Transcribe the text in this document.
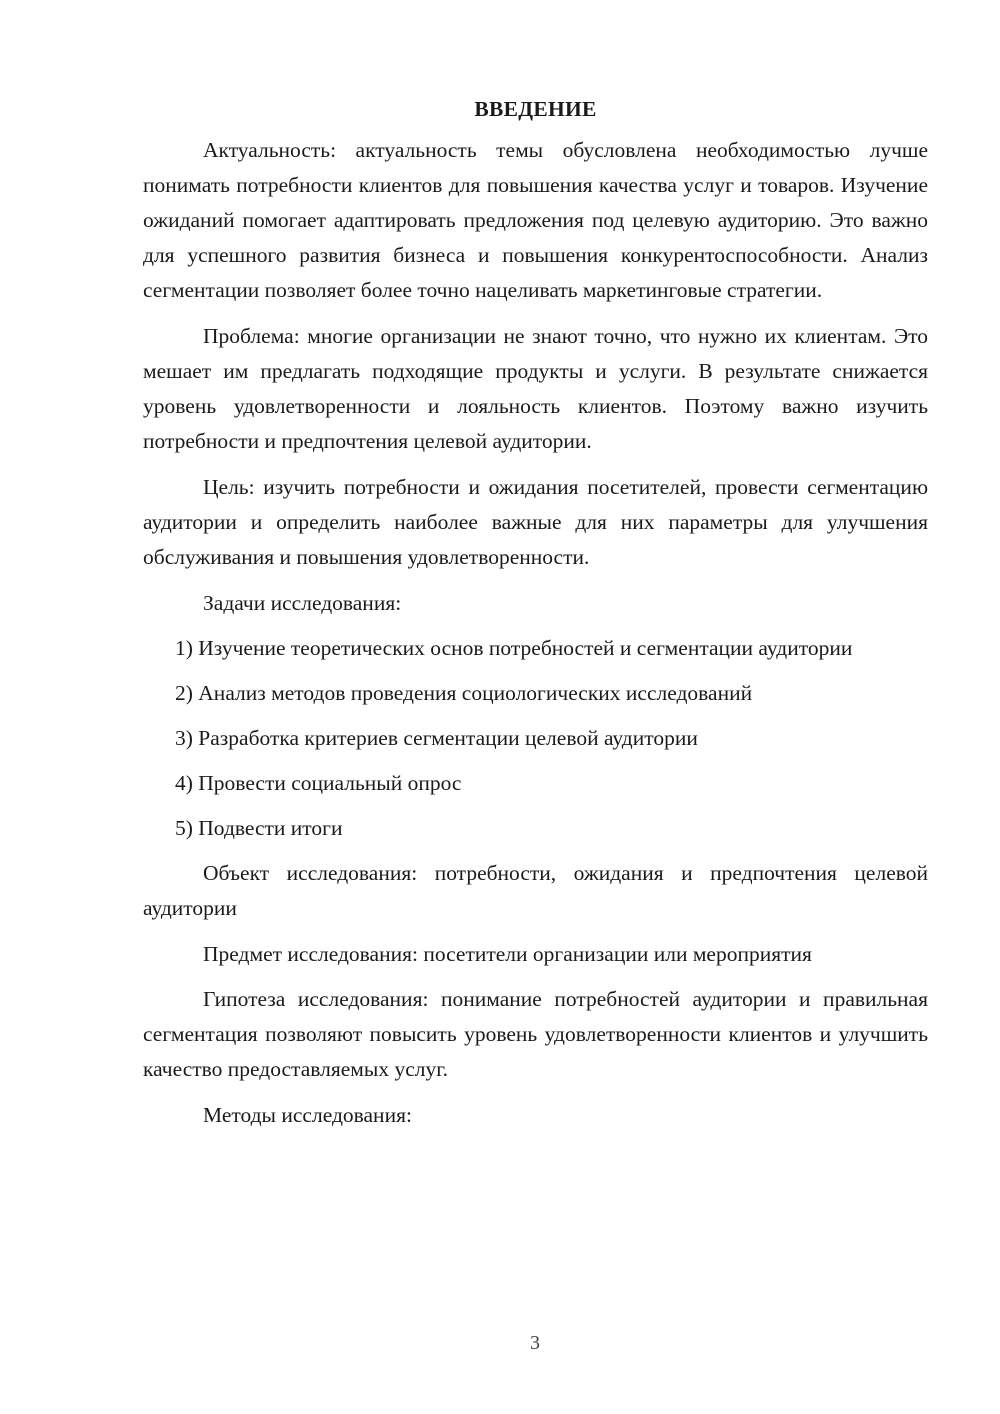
ВВЕДЕНИЕ

Актуальность: актуальность темы обусловлена необходимостью лучше понимать потребности клиентов для повышения качества услуг и товаров. Изучение ожиданий помогает адаптировать предложения под целевую аудиторию. Это важно для успешного развития бизнеса и повышения конкурентоспособности. Анализ сегментации позволяет более точно нацеливать маркетинговые стратегии.

Проблема: многие организации не знают точно, что нужно их клиентам. Это мешает им предлагать подходящие продукты и услуги. В результате снижается уровень удовлетворенности и лояльность клиентов. Поэтому важно изучить потребности и предпочтения целевой аудитории.

Цель: изучить потребности и ожидания посетителей, провести сегментацию аудитории и определить наиболее важные для них параметры для улучшения обслуживания и повышения удовлетворенности.

Задачи исследования:

1) Изучение теоретических основ потребностей и сегментации аудитории

2) Анализ методов проведения социологических исследований

3) Разработка критериев сегментации целевой аудитории

4) Провести социальный опрос

5) Подвести итоги

Объект исследования: потребности, ожидания и предпочтения целевой аудитории

Предмет исследования: посетители организации или мероприятия

Гипотеза исследования: понимание потребностей аудитории и правильная сегментация позволяют повысить уровень удовлетворенности клиентов и улучшить качество предоставляемых услуг.

Методы исследования:

3
